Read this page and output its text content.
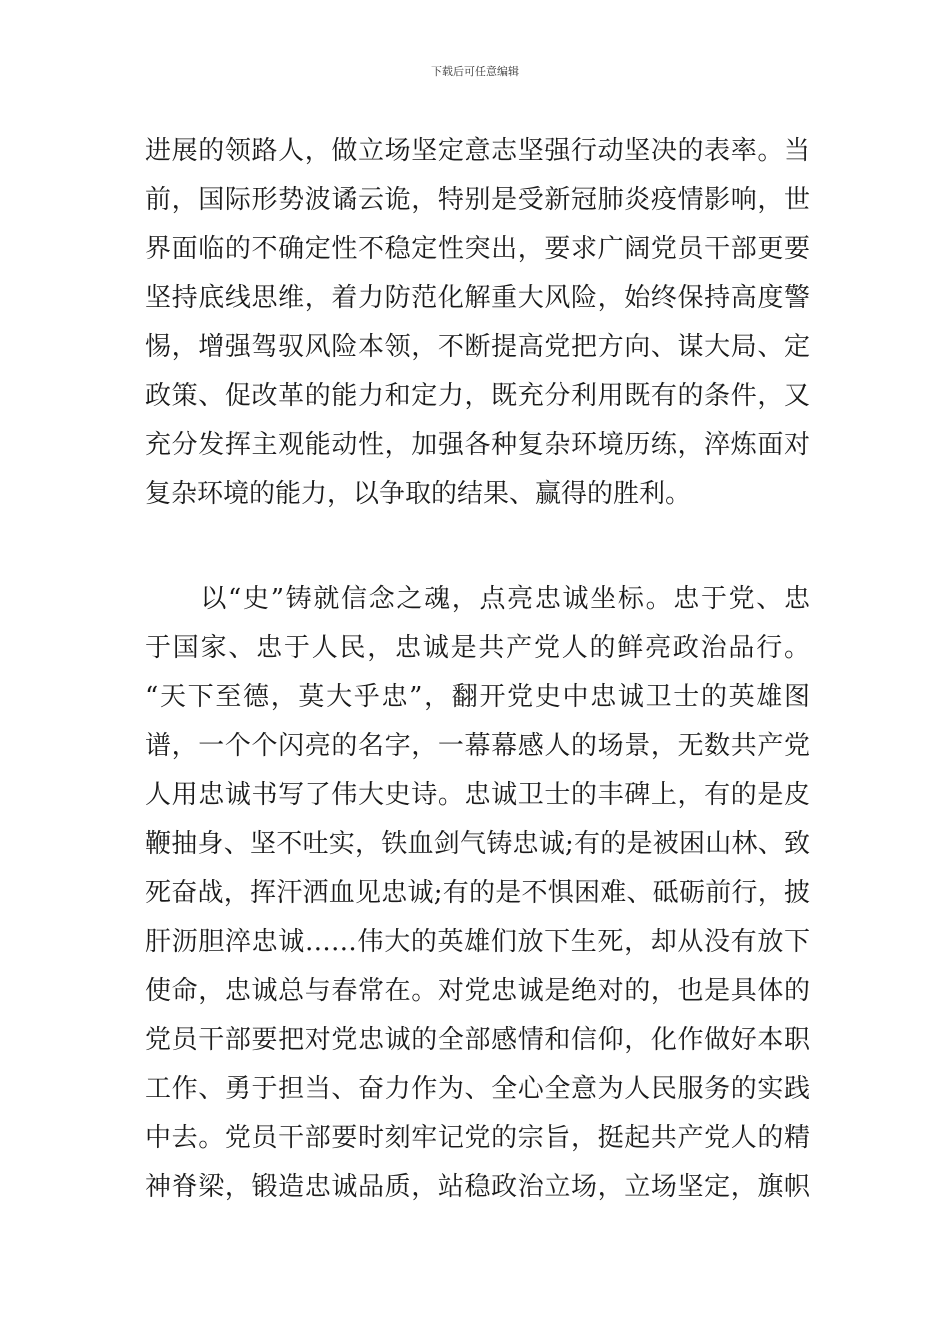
下载后可任意编辑
进展的领路人，做立场坚定意志坚强行动坚决的表率。当
前，国际形势波谲云诡，特别是受新冠肺炎疫情影响，世
界面临的不确定性不稳定性突出，要求广阔党员干部更要
坚持底线思维，着力防范化解重大风险，始终保持高度警
惕，增强驾驭风险本领，不断提高党把方向、谋大局、定
政策、促改革的能力和定力，既充分利用既有的条件，又
充分发挥主观能动性，加强各种复杂环境历练，淬炼面对
复杂环境的能力，以争取的结果、赢得的胜利。
　　以“史”铸就信念之魂，点亮忠诚坐标。忠于党、忠
于国家、忠于人民，忠诚是共产党人的鲜亮政治品行。
“天下至德，莫大乎忠”，翻开党史中忠诚卫士的英雄图
谱，一个个闪亮的名字，一幕幕感人的场景，无数共产党
人用忠诚书写了伟大史诗。忠诚卫士的丰碑上，有的是皮
鞭抽身、坚不吐实，铁血剑气铸忠诚;有的是被困山林、致
死奋战，挥汗洒血见忠诚;有的是不惧困难、砥砺前行，披
肝沥胆淬忠诚……伟大的英雄们放下生死，却从没有放下
使命，忠诚总与春常在。对党忠诚是绝对的，也是具体的
党员干部要把对党忠诚的全部感情和信仰，化作做好本职
工作、勇于担当、奋力作为、全心全意为人民服务的实践
中去。党员干部要时刻牢记党的宗旨，挺起共产党人的精
神脊梁，锻造忠诚品质，站稳政治立场，立场坚定，旗帜
